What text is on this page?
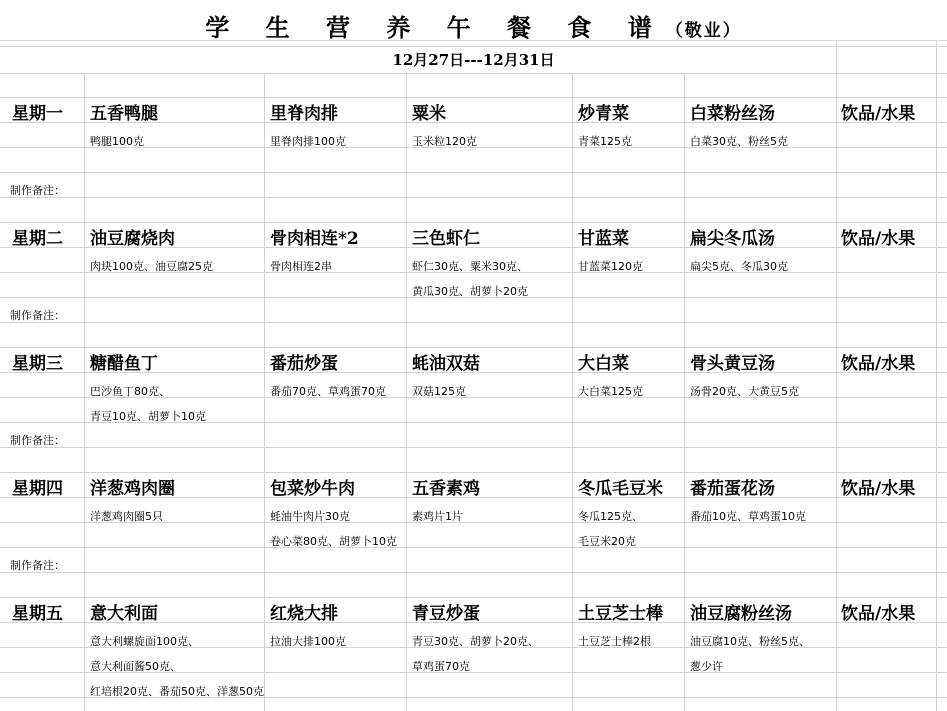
学 生 营 养 午 餐 食 谱（敬业）
12月27日---12月31日
星期一 五香鸭腿
鸭腿100克
里脊肉排
里脊肉排100克
粟米
玉米粒120克
炒青菜
青菜125克
白菜粉丝汤
白菜30克、粉丝5克
饮品/水果
制作备注：
星期二 油豆腐烧肉
肉块100克、油豆腐25克
骨肉相连*2
骨肉相连2串
三色虾仁
虾仁30克、粟米30克、
黄瓜30克、胡萝卜20克
甘蓝菜
甘蓝菜120克
扁尖冬瓜汤
扁尖5克、冬瓜30克
饮品/水果
制作备注：
星期三 糖醋鱼丁
巴沙鱼丁80克、
青豆10克、胡萝卜10克
番茄炒蛋
番茄70克、草鸡蛋70克
蚝油双菇
双菇125克
大白菜
大白菜125克
骨头黄豆汤
汤骨20克、大黄豆5克
饮品/水果
制作备注：
星期四 洋葱鸡肉圈
洋葱鸡肉圈5只
包菜炒牛肉
蚝油牛肉片30克
卷心菜80克、胡萝卜10克
五香素鸡
素鸡片1片
冬瓜毛豆米
冬瓜125克、
毛豆米20克
番茄蛋花汤
番茄10克、草鸡蛋10克
饮品/水果
制作备注：
星期五 意大利面
意大利螺旋面100克、
意大利面酱50克、
红培根20克、番茄50克、洋葱50克
红烧大排
拉油大排100克
青豆炒蛋
青豆30克、胡萝卜20克、
草鸡蛋70克
土豆芝士棒
土豆芝士棒2根
油豆腐粉丝汤
油豆腐10克、粉丝5克、
葱少许
饮品/水果
